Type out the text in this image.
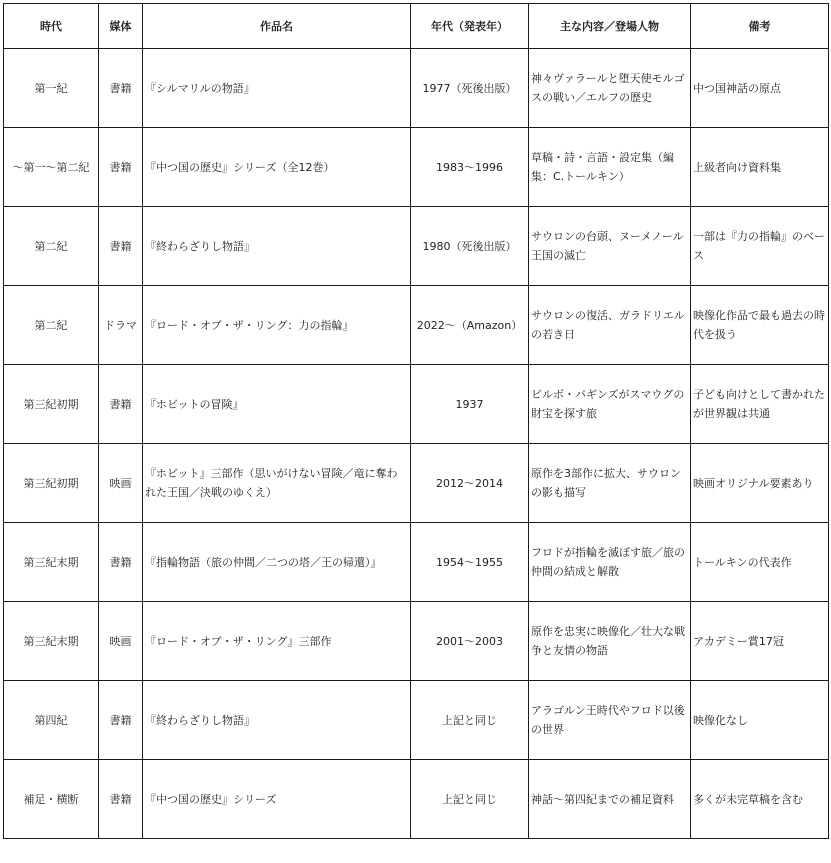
時代	媒体	作品名	年代（発表年）	主な内容／登場人物	備考
第一紀	書籍	『シルマリルの物語』	1977（死後出版）	神々ヴァラールと堕天使モルゴスの戦い／エルフの歴史	中つ国神話の原点
～第一～第二紀	書籍	『中つ国の歴史』シリーズ（全12巻）	1983～1996	草稿・詩・言語・設定集（編集：C.トールキン）	上級者向け資料集
第二紀	書籍	『終わらざりし物語』	1980（死後出版）	サウロンの台頭、ヌーメノール王国の滅亡	一部は『力の指輪』のベース
第二紀	ドラマ	『ロード・オブ・ザ・リング：力の指輪』	2022～（Amazon）	サウロンの復活、ガラドリエルの若き日	映像化作品で最も過去の時代を扱う
第三紀初期	書籍	『ホビットの冒険』	1937	ビルボ・バギンズがスマウグの財宝を探す旅	子ども向けとして書かれたが世界観は共通
第三紀初期	映画	『ホビット』三部作（思いがけない冒険／竜に奪われた王国／決戦のゆくえ）	2012～2014	原作を3部作に拡大、サウロンの影も描写	映画オリジナル要素あり
第三紀末期	書籍	『指輪物語（旅の仲間／二つの塔／王の帰還）』	1954～1955	フロドが指輪を滅ぼす旅／旅の仲間の結成と解散	トールキンの代表作
第三紀末期	映画	『ロード・オブ・ザ・リング』三部作	2001～2003	原作を忠実に映像化／壮大な戦争と友情の物語	アカデミー賞17冠
第四紀	書籍	『終わらざりし物語』	上記と同じ	アラゴルン王時代やフロド以後の世界	映像化なし
補足・横断	書籍	『中つ国の歴史』シリーズ	上記と同じ	神話～第四紀までの補足資料	多くが未完草稿を含む
